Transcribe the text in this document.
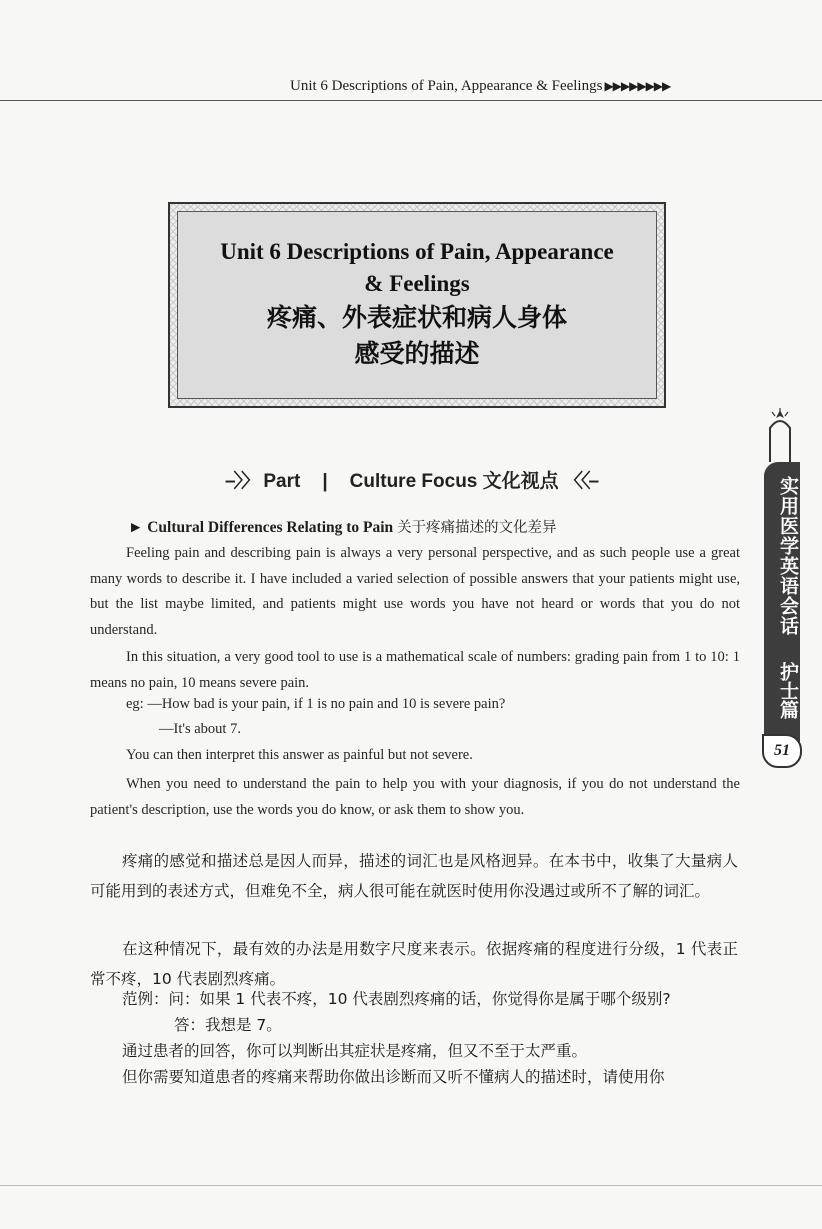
Unit 6 Descriptions of Pain, Appearance & Feelings ▶▶▶▶▶▶▶▶
Unit 6 Descriptions of Pain, Appearance
& Feelings
疼痛、外表症状和病人身体
感受的描述
–〉〉 Part | Culture Focus 文化视点 〈〈–	实用医学英语会话
护士篇
51
► Cultural Differences Relating to Pain 关于疼痛描述的文化差异
Feeling pain and describing pain is always a very personal perspective, and as such people use a great many words to describe it. I have included a varied selection of possible answers that your patients might use, but the list maybe limited, and patients might use words you have not heard or words that you do not understand.
In this situation, a very good tool to use is a mathematical scale of numbers: grading pain from 1 to 10: 1 means no pain, 10 means severe pain.
eg: —How bad is your pain, if 1 is no pain and 10 is severe pain?
—It's about 7.
You can then interpret this answer as painful but not severe.
When you need to understand the pain to help you with your diagnosis, if you do not understand the patient's description, use the words you do know, or ask them to show you.
疼痛的感觉和描述总是因人而异，描述的词汇也是风格迥异。在本书中，收集了大量病人可能用到的表述方式，但难免不全，病人很可能在就医时使用你没遇过或所不了解的词汇。
在这种情况下，最有效的办法是用数字尺度来表示。依据疼痛的程度进行分级，1 代表正常不疼，10 代表剧烈疼痛。
范例：问：如果 1 代表不疼，10 代表剧烈疼痛的话，你觉得你是属于哪个级别?
答：我想是 7。
通过患者的回答，你可以判断出其症状是疼痛，但又不至于太严重。
但你需要知道患者的疼痛来帮助你做出诊断而又听不懂病人的描述时，请使用你
